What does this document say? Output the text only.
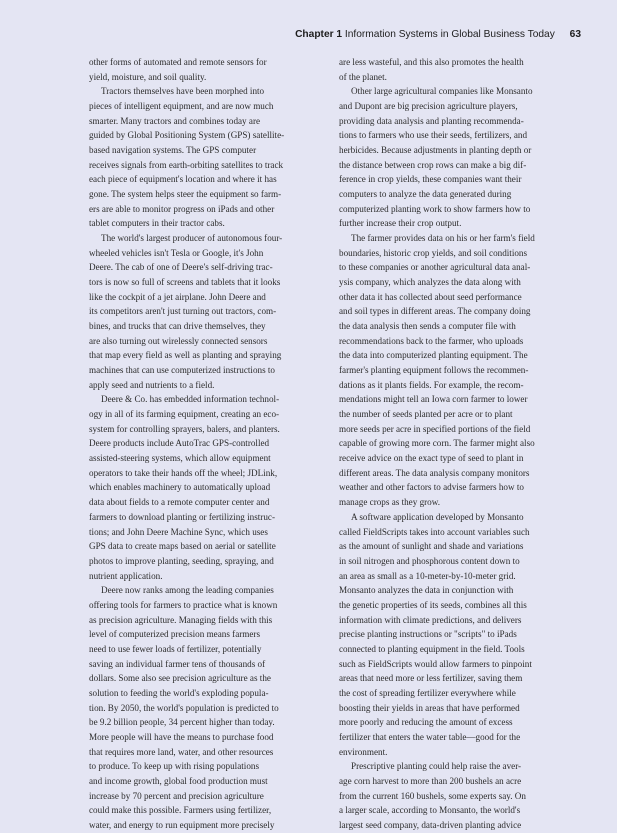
Chapter 1 Information Systems in Global Business Today 63
other forms of automated and remote sensors for
yield, moisture, and soil quality.
Tractors themselves have been morphed into
pieces of intelligent equipment, and are now much
smarter. Many tractors and combines today are
guided by Global Positioning System (GPS) satellite-
based navigation systems. The GPS computer
receives signals from earth-orbiting satellites to track
each piece of equipment's location and where it has
gone. The system helps steer the equipment so farm-
ers are able to monitor progress on iPads and other
tablet computers in their tractor cabs.
The world's largest producer of autonomous four-
wheeled vehicles isn't Tesla or Google, it's John
Deere. The cab of one of Deere's self-driving trac-
tors is now so full of screens and tablets that it looks
like the cockpit of a jet airplane. John Deere and
its competitors aren't just turning out tractors, com-
bines, and trucks that can drive themselves, they
are also turning out wirelessly connected sensors
that map every field as well as planting and spraying
machines that can use computerized instructions to
apply seed and nutrients to a field.
Deere & Co. has embedded information technol-
ogy in all of its farming equipment, creating an eco-
system for controlling sprayers, balers, and planters.
Deere products include AutoTrac GPS-controlled
assisted-steering systems, which allow equipment
operators to take their hands off the wheel; JDLink,
which enables machinery to automatically upload
data about fields to a remote computer center and
farmers to download planting or fertilizing instruc-
tions; and John Deere Machine Sync, which uses
GPS data to create maps based on aerial or satellite
photos to improve planting, seeding, spraying, and
nutrient application.
Deere now ranks among the leading companies
offering tools for farmers to practice what is known
as precision agriculture. Managing fields with this
level of computerized precision means farmers
need to use fewer loads of fertilizer, potentially
saving an individual farmer tens of thousands of
dollars. Some also see precision agriculture as the
solution to feeding the world's exploding popula-
tion. By 2050, the world's population is predicted to
be 9.2 billion people, 34 percent higher than today.
More people will have the means to purchase food
that requires more land, water, and other resources
to produce. To keep up with rising populations
and income growth, global food production must
increase by 70 percent and precision agriculture
could make this possible. Farmers using fertilizer,
water, and energy to run equipment more precisely
are less wasteful, and this also promotes the health
of the planet.
Other large agricultural companies like Monsanto
and Dupont are big precision agriculture players,
providing data analysis and planting recommenda-
tions to farmers who use their seeds, fertilizers, and
herbicides. Because adjustments in planting depth or
the distance between crop rows can make a big dif-
ference in crop yields, these companies want their
computers to analyze the data generated during
computerized planting work to show farmers how to
further increase their crop output.
The farmer provides data on his or her farm's field
boundaries, historic crop yields, and soil conditions
to these companies or another agricultural data anal-
ysis company, which analyzes the data along with
other data it has collected about seed performance
and soil types in different areas. The company doing
the data analysis then sends a computer file with
recommendations back to the farmer, who uploads
the data into computerized planting equipment. The
farmer's planting equipment follows the recommen-
dations as it plants fields. For example, the recom-
mendations might tell an Iowa corn farmer to lower
the number of seeds planted per acre or to plant
more seeds per acre in specified portions of the field
capable of growing more corn. The farmer might also
receive advice on the exact type of seed to plant in
different areas. The data analysis company monitors
weather and other factors to advise farmers how to
manage crops as they grow.
A software application developed by Monsanto
called FieldScripts takes into account variables such
as the amount of sunlight and shade and variations
in soil nitrogen and phosphorous content down to
an area as small as a 10-meter-by-10-meter grid.
Monsanto analyzes the data in conjunction with
the genetic properties of its seeds, combines all this
information with climate predictions, and delivers
precise planting instructions or "scripts" to iPads
connected to planting equipment in the field. Tools
such as FieldScripts would allow farmers to pinpoint
areas that need more or less fertilizer, saving them
the cost of spreading fertilizer everywhere while
boosting their yields in areas that have performed
more poorly and reducing the amount of excess
fertilizer that enters the water table—good for the
environment.
Prescriptive planting could help raise the aver-
age corn harvest to more than 200 bushels an acre
from the current 160 bushels, some experts say. On
a larger scale, according to Monsanto, the world's
largest seed company, data-driven planting advice
